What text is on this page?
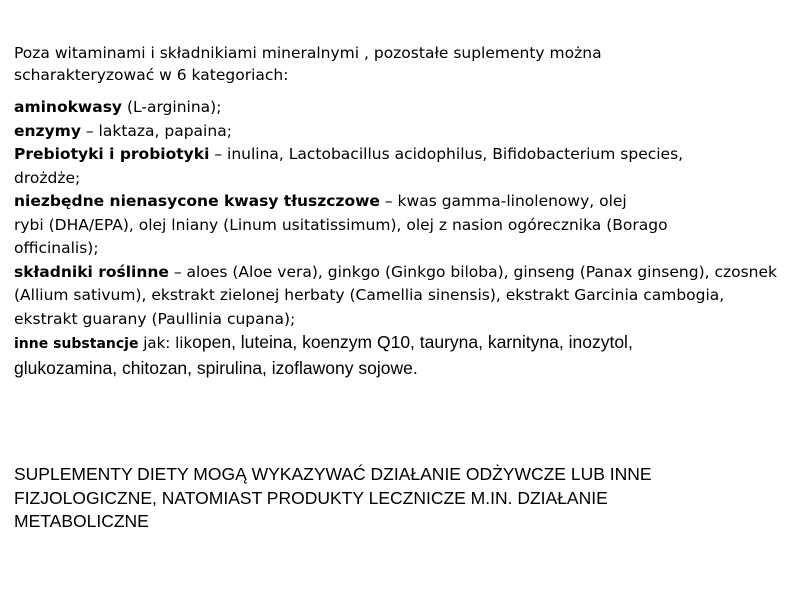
Poza witaminami i składnikiami mineralnymi , pozostałe suplementy można
scharakteryzować w 6 kategoriach:
aminokwasy (L-arginina);
enzymy – laktaza, papaina;
Prebiotyki i probiotyki – inulina, Lactobacillus acidophilus, Bifidobacterium species,
drożdże;
niezbędne nienasycone kwasy tłuszczowe – kwas gamma-linolenowy, olej
rybi (DHA/EPA), olej lniany (Linum usitatissimum), olej z nasion ogórecznika (Borago
officinalis);
składniki roślinne – aloes (Aloe vera), ginkgo (Ginkgo biloba), ginseng (Panax ginseng), czosnek
(Allium sativum), ekstrakt zielonej herbaty (Camellia sinensis), ekstrakt Garcinia cambogia,
ekstrakt guarany (Paullinia cupana);
inne substancje jak: likopen, luteina, koenzym Q10, tauryna, karnityna, inozytol,
glukozamina, chitozan, spirulina, izoflawony sojowe.
SUPLEMENTY DIETY MOGĄ WYKAZYWAĆ DZIAŁANIE ODŻYWCZE LUB INNE
FIZJOLOGICZNE, NATOMIAST PRODUKTY LECZNICZE M.IN. DZIAŁANIE
METABOLICZNE
